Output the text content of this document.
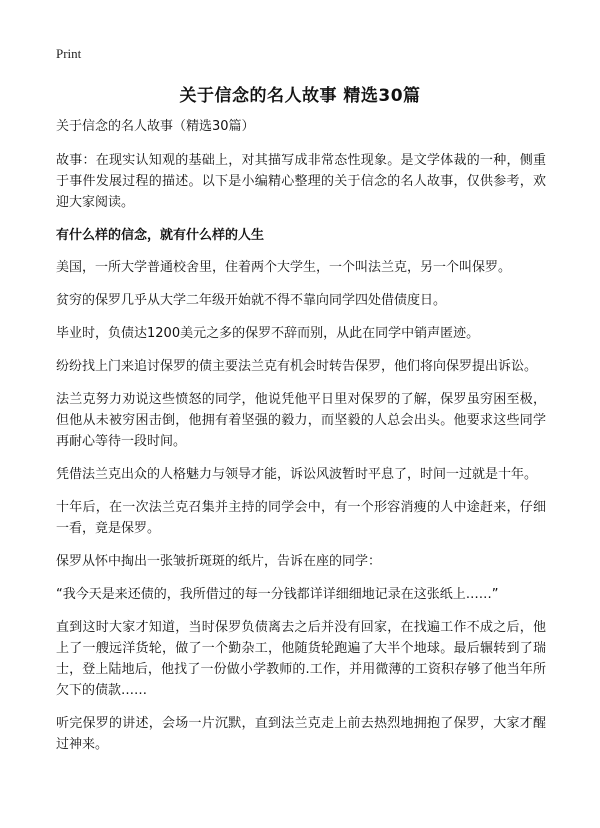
Print
关于信念的名人故事 精选30篇

关于信念的名人故事（精选30篇）

故事：在现实认知观的基础上，对其描写成非常态性现象。是文学体裁的一种，侧重于事件发展过程的描述。以下是小编精心整理的关于信念的名人故事，仅供参考，欢迎大家阅读。

有什么样的信念，就有什么样的人生

美国，一所大学普通校舍里，住着两个大学生，一个叫法兰克，另一个叫保罗。

贫穷的保罗几乎从大学二年级开始就不得不靠向同学四处借债度日。

毕业时，负债达1200美元之多的保罗不辞而别，从此在同学中销声匿迹。

纷纷找上门来追讨保罗的债主要法兰克有机会时转告保罗，他们将向保罗提出诉讼。

法兰克努力劝说这些愤怒的同学，他说凭他平日里对保罗的了解，保罗虽穷困至极，但他从未被穷困击倒，他拥有着坚强的毅力，而坚毅的人总会出头。他要求这些同学再耐心等待一段时间。

凭借法兰克出众的人格魅力与领导才能，诉讼风波暂时平息了，时间一过就是十年。

十年后，在一次法兰克召集并主持的同学会中，有一个形容消瘦的人中途赶来，仔细一看，竟是保罗。

保罗从怀中掏出一张皱折斑斑的纸片，告诉在座的同学：

“我今天是来还债的，我所借过的每一分钱都详详细细地记录在这张纸上……”

直到这时大家才知道，当时保罗负债离去之后并没有回家，在找遍工作不成之后，他上了一艘远洋货轮，做了一个勤杂工，他随货轮跑遍了大半个地球。最后辗转到了瑞士，登上陆地后，他找了一份做小学教师的.工作，并用微薄的工资积存够了他当年所欠下的债款……

听完保罗的讲述，会场一片沉默，直到法兰克走上前去热烈地拥抱了保罗，大家才醒过神来。
